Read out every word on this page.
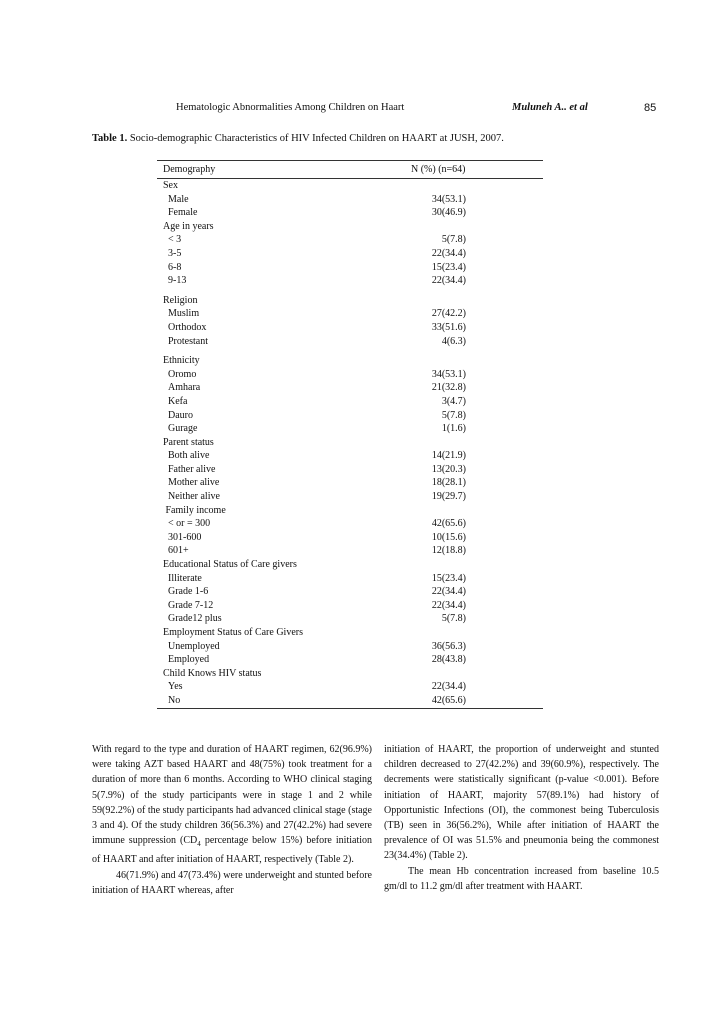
Hematologic Abnormalities Among Children on Haart	Muluneh A.. et al	85
Table 1. Socio-demographic Characteristics of HIV Infected Children on HAART at JUSH, 2007.
Demography	N (%) (n=64)
Sex
Male	34(53.1)
Female	30(46.9)
Age in years
< 3	5(7.8)
3-5	22(34.4)
6-8	15(23.4)
9-13	22(34.4)
Religion
Muslim	27(42.2)
Orthodox	33(51.6)
Protestant	4(6.3)
Ethnicity
Oromo	34(53.1)
Amhara	21(32.8)
Kefa	3(4.7)
Dauro	5(7.8)
Gurage	1(1.6)
Parent status
Both alive	14(21.9)
Father alive	13(20.3)
Mother alive	18(28.1)
Neither alive	19(29.7)
Family income
< or = 300	42(65.6)
301-600	10(15.6)
601+	12(18.8)
Educational Status of Care givers
Illiterate	15(23.4)
Grade 1-6	22(34.4)
Grade 7-12	22(34.4)
Grade12 plus	5(7.8)
Employment Status of Care Givers
Unemployed	36(56.3)
Employed	28(43.8)
Child Knows HIV status
Yes	22(34.4)
No	42(65.6)

With regard to the type and duration of HAART regimen, 62(96.9%) were taking AZT based HAART and 48(75%) took treatment for a duration of more than 6 months. According to WHO clinical staging 5(7.9%) of the study participants were in stage 1 and 2 while 59(92.2%) of the study participants had advanced clinical stage (stage 3 and 4). Of the study children 36(56.3%) and 27(42.2%) had severe immune suppression ($CD_4$ percentage below 15%) before initiation of HAART and after initiation of HAART, respectively (Table 2).

46(71.9%) and 47(73.4%) were underweight and stunted before initiation of HAART whereas, after

initiation of HAART, the proportion of underweight and stunted children decreased to 27(42.2%) and 39(60.9%), respectively. The decrements were statistically significant (p-value <0.001). Before initiation of HAART, majority 57(89.1%) had history of Opportunistic Infections (OI), the commonest being Tuberculosis (TB) seen in 36(56.2%), While after initiation of HAART the prevalence of OI was 51.5% and pneumonia being the commonest 23(34.4%) (Table 2).

The mean Hb concentration increased from baseline 10.5 gm/dl to 11.2 gm/dl after treatment with HAART.
